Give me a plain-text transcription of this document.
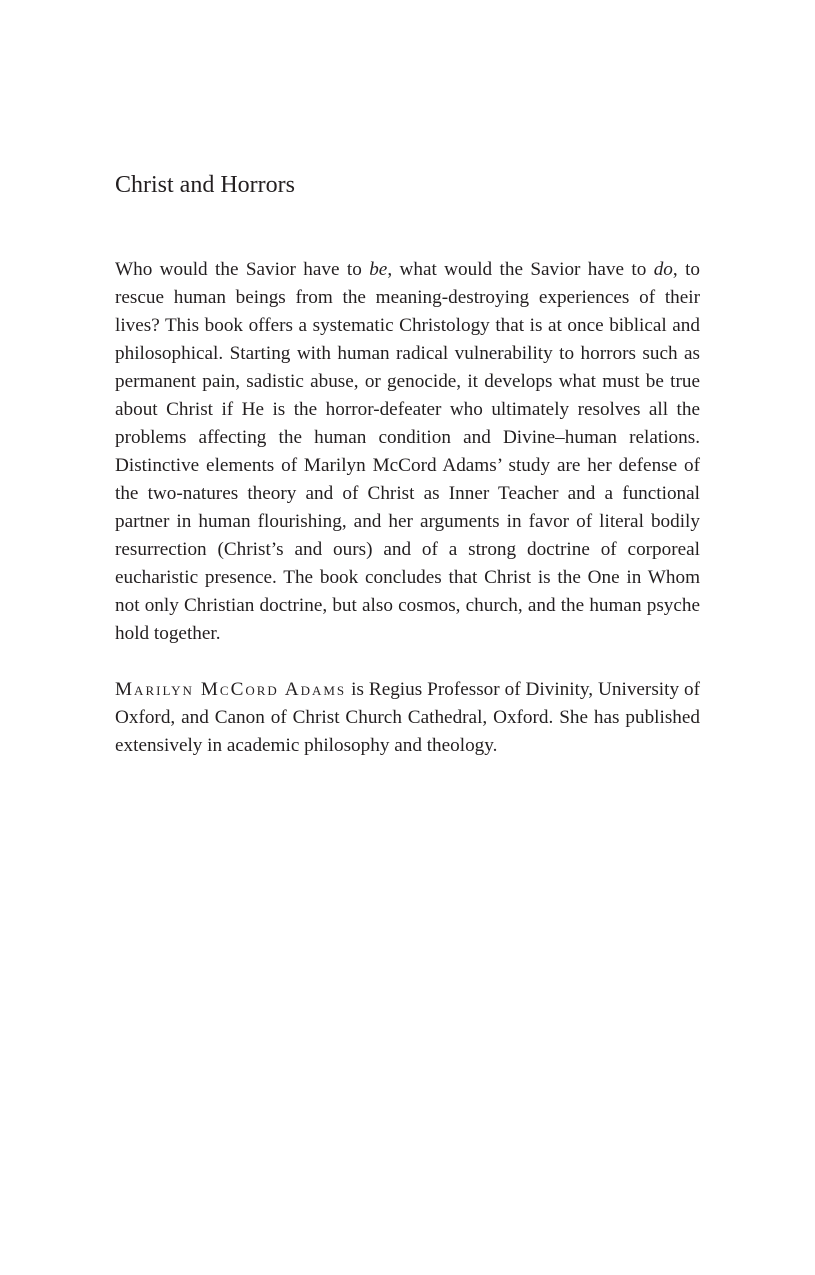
Christ and Horrors

Who would the Savior have to be, what would the Savior have to do, to rescue human beings from the meaning-destroying experiences of their lives? This book offers a systematic Christology that is at once biblical and philosophical. Starting with human radical vulnerability to horrors such as permanent pain, sadistic abuse, or genocide, it develops what must be true about Christ if He is the horror-defeater who ultimately resolves all the problems affecting the human condition and Divine–human relations. Distinctive elements of Marilyn McCord Adams’ study are her defense of the two-natures theory and of Christ as Inner Teacher and a functional partner in human flourishing, and her arguments in favor of literal bodily resurrection (Christ’s and ours) and of a strong doctrine of corporeal eucharistic presence. The book concludes that Christ is the One in Whom not only Christian doctrine, but also cosmos, church, and the human psyche hold together.

Marilyn McCord Adams is Regius Professor of Divinity, University of Oxford, and Canon of Christ Church Cathedral, Oxford. She has published extensively in academic philosophy and theology.
